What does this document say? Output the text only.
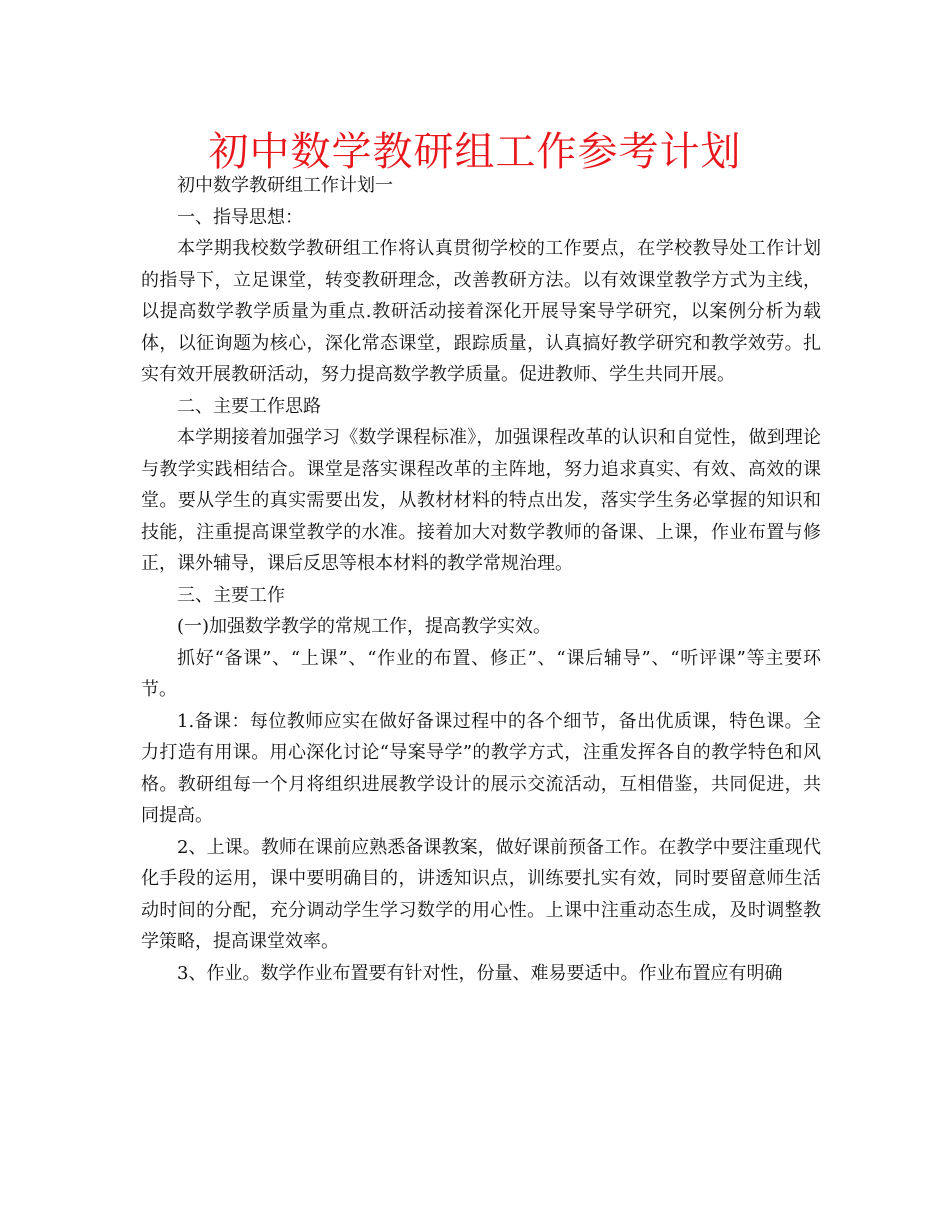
初中数学教研组工作参考计划

初中数学教研组工作计划一

一、指导思想：

本学期我校数学教研组工作将认真贯彻学校的工作要点，在学校教导处工作计划的指导下，立足课堂，转变教研理念，改善教研方法。以有效课堂教学方式为主线，以提高数学教学质量为重点.教研活动接着深化开展导案导学研究，以案例分析为载体，以征询题为核心，深化常态课堂，跟踪质量，认真搞好教学研究和教学效劳。扎实有效开展教研活动，努力提高数学教学质量。促进教师、学生共同开展。

二、主要工作思路

本学期接着加强学习《数学课程标准》，加强课程改革的认识和自觉性，做到理论与教学实践相结合。课堂是落实课程改革的主阵地，努力追求真实、有效、高效的课堂。要从学生的真实需要出发，从教材材料的特点出发，落实学生务必掌握的知识和技能，注重提高课堂教学的水准。接着加大对数学教师的备课、上课，作业布置与修正，课外辅导，课后反思等根本材料的教学常规治理。

三、主要工作

(一)加强数学教学的常规工作，提高教学实效。

抓好“备课”、“上课”、“作业的布置、修正”、“课后辅导”、“听评课”等主要环节。

1.备课：每位教师应实在做好备课过程中的各个细节，备出优质课，特色课。全力打造有用课。用心深化讨论“导案导学”的教学方式，注重发挥各自的教学特色和风格。教研组每一个月将组织进展教学设计的展示交流活动，互相借鉴，共同促进，共同提高。

2、上课。教师在课前应熟悉备课教案，做好课前预备工作。在教学中要注重现代化手段的运用，课中要明确目的，讲透知识点，训练要扎实有效，同时要留意师生活动时间的分配，充分调动学生学习数学的用心性。上课中注重动态生成，及时调整教学策略，提高课堂效率。

3、作业。数学作业布置要有针对性，份量、难易要适中。作业布置应有明确
